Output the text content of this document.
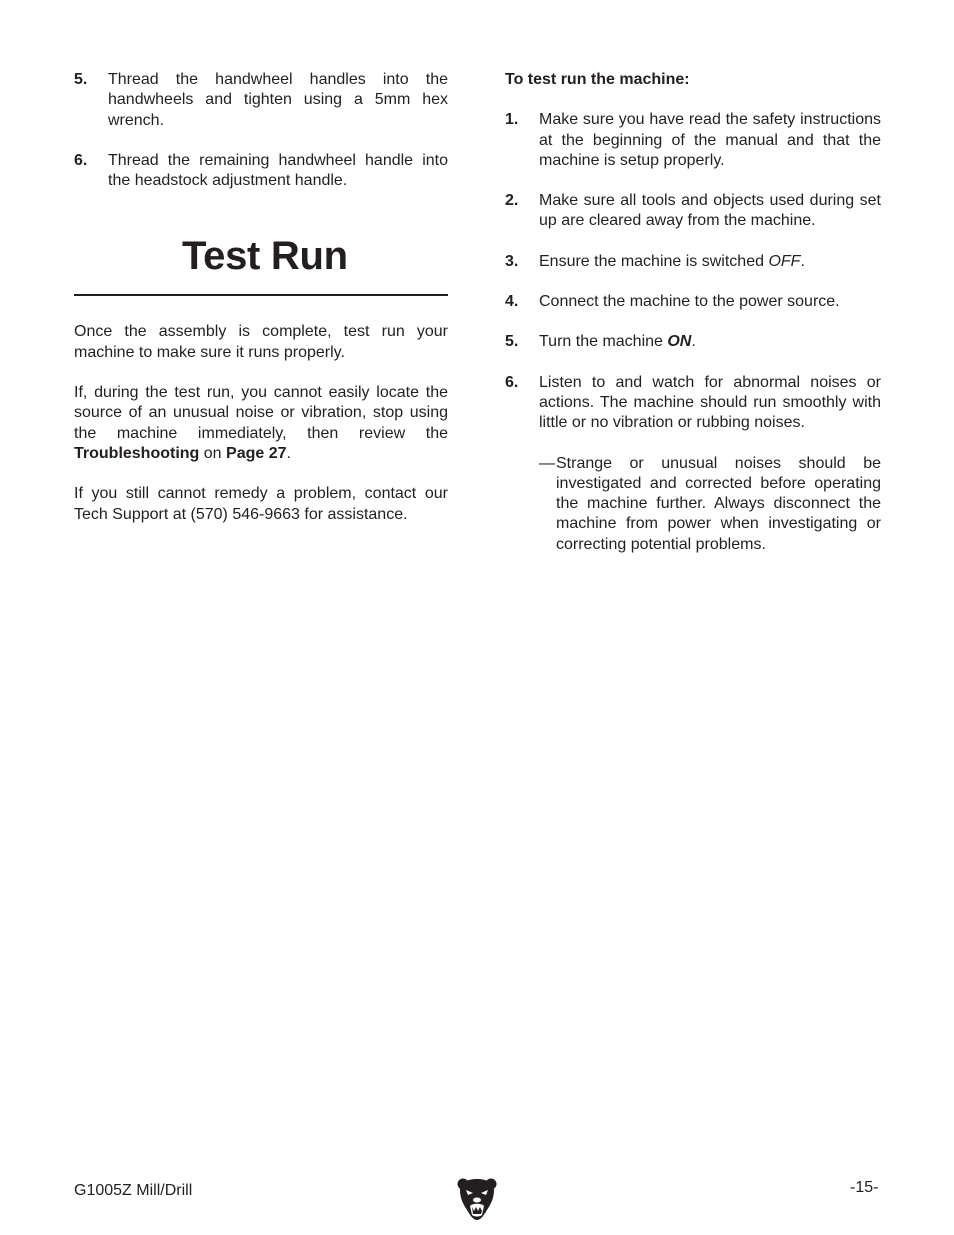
5. Thread the handwheel handles into the handwheels and tighten using a 5mm hex wrench.
6. Thread the remaining handwheel handle into the headstock adjustment handle.
Test Run
Once the assembly is complete, test run your machine to make sure it runs properly.
If, during the test run, you cannot easily locate the source of an unusual noise or vibration, stop using the machine immediately, then review the Troubleshooting on Page 27.
If you still cannot remedy a problem, contact our Tech Support at (570) 546-9663 for assistance.
To test run the machine:
1. Make sure you have read the safety instructions at the beginning of the manual and that the machine is setup properly.
2. Make sure all tools and objects used during set up are cleared away from the machine.
3. Ensure the machine is switched OFF.
4. Connect the machine to the power source.
5. Turn the machine ON.
6. Listen to and watch for abnormal noises or actions. The machine should run smoothly with little or no vibration or rubbing noises.
— Strange or unusual noises should be investigated and corrected before operating the machine further. Always disconnect the machine from power when investigating or correcting potential problems.
G1005Z Mill/Drill	-15-
